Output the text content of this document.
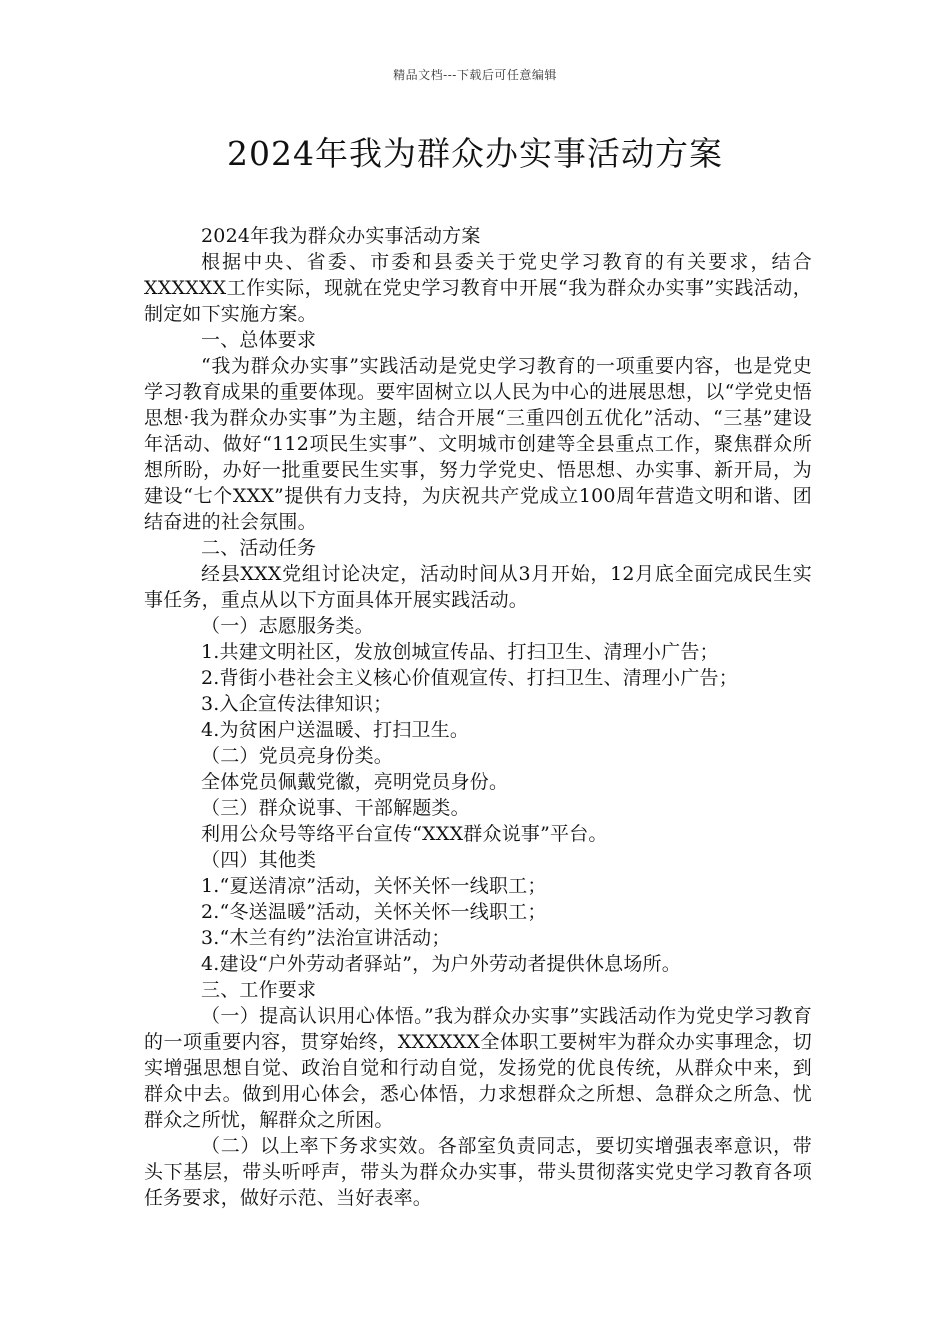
精品文档---下载后可任意编辑
2024年我为群众办实事活动方案

2024年我为群众办实事活动方案

根据中央、省委、市委和县委关于党史学习教育的有关要求，结合XXXXXX工作实际，现就在党史学习教育中开展“我为群众办实事”实践活动，制定如下实施方案。

一、总体要求

“我为群众办实事”实践活动是党史学习教育的一项重要内容，也是党史学习教育成果的重要体现。要牢固树立以人民为中心的进展思想，以“学党史悟思想·我为群众办实事”为主题，结合开展“三重四创五优化”活动、“三基”建设年活动、做好“112项民生实事”、文明城市创建等全县重点工作，聚焦群众所想所盼，办好一批重要民生实事，努力学党史、悟思想、办实事、新开局，为建设“七个XXX”提供有力支持，为庆祝共产党成立100周年营造文明和谐、团结奋进的社会氛围。

二、活动任务

经县XXX党组讨论决定，活动时间从3月开始，12月底全面完成民生实事任务，重点从以下方面具体开展实践活动。

（一）志愿服务类。

1.共建文明社区，发放创城宣传品、打扫卫生、清理小广告；

2.背街小巷社会主义核心价值观宣传、打扫卫生、清理小广告；

3.入企宣传法律知识；

4.为贫困户送温暖、打扫卫生。

（二）党员亮身份类。

全体党员佩戴党徽，亮明党员身份。

（三）群众说事、干部解题类。

利用公众号等络平台宣传“XXX群众说事”平台。

（四）其他类

1.“夏送清凉”活动，关怀关怀一线职工；

2.“冬送温暖”活动，关怀关怀一线职工；

3.“木兰有约”法治宣讲活动；

4.建设“户外劳动者驿站”，为户外劳动者提供休息场所。

三、工作要求

（一）提高认识用心体悟。”我为群众办实事”实践活动作为党史学习教育的一项重要内容，贯穿始终，XXXXXX全体职工要树牢为群众办实事理念，切实增强思想自觉、政治自觉和行动自觉，发扬党的优良传统，从群众中来，到群众中去。做到用心体会，悉心体悟，力求想群众之所想、急群众之所急、忧群众之所忧，解群众之所困。

（二）以上率下务求实效。各部室负责同志，要切实增强表率意识，带头下基层，带头听呼声，带头为群众办实事，带头贯彻落实党史学习教育各项任务要求，做好示范、当好表率。
